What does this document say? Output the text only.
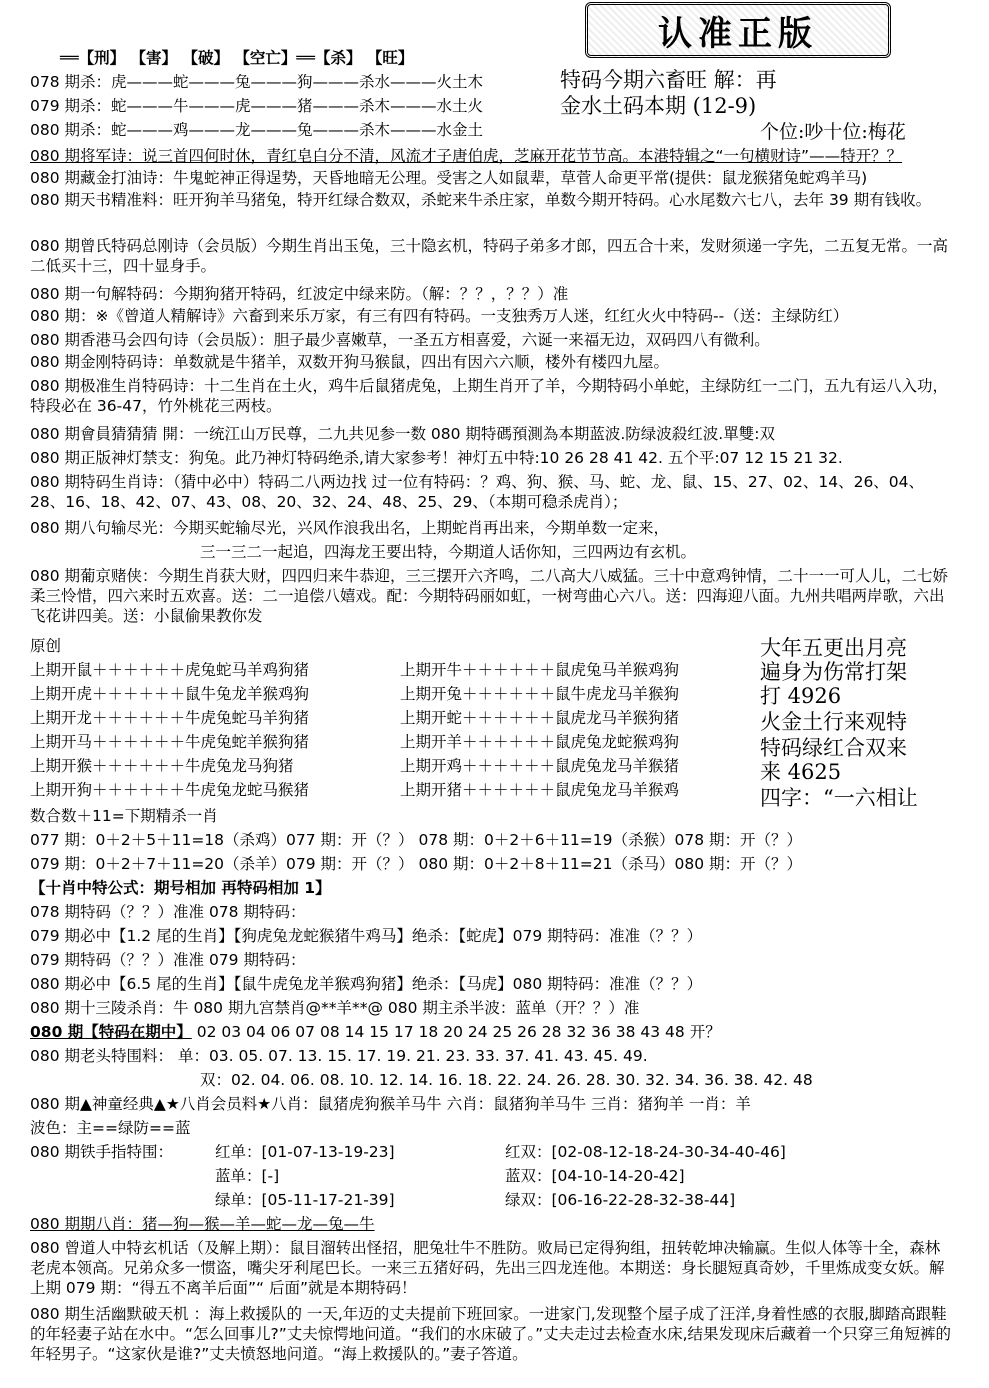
认准正版
══【刑】 【害】 【破】 【空亡】══【杀】 【旺】
078 期杀：虎———蛇———兔———狗———杀水———火土木
079 期杀：蛇———牛———虎———猪———杀木———水土火
080 期杀：蛇———鸡———龙———兔———杀木———水金土
特码今期六畜旺 解：再
金水土码本期 (12-9)
个位:吵十位:梅花
080 期将军诗：说三首四何时休，青红皂白分不清，风流才子唐伯虎，芝麻开花节节高。本港特辑之“一句横财诗”——特开？？
080 期藏金打油诗：牛鬼蛇神正得逞势，天昏地暗无公理。受害之人如鼠辈，草菅人命更平常(提供：鼠龙猴猪兔蛇鸡羊马)
080 期天书精准料：旺开狗羊马猪兔，特开红绿合数双，杀蛇来牛杀庄家，单数今期开特码。心水尾数六七八，去年 39 期有钱收。
080 期曾氏特码总刚诗（会员版）今期生肖出玉兔，三十隐玄机，特码子弟多才郎，四五合十来，发财须递一字先，二五复无常。一高二低买十三，四十显身手。
080 期一句解特码：今期狗猪开特码，红波定中绿来防。（解：？？，？？）准
080 期：※《曾道人精解诗》六畜到来乐万家，有三有四有特码。一支独秀万人迷，红红火火中特码--（送：主绿防红）
080 期香港马会四句诗（会员版）：胆子最少喜嫩草，一圣五方相喜爱，六诞一来福无边，双码四八有微利。
080 期金刚特码诗：单数就是牛猪羊，双数开狗马猴鼠，四出有因六六顺，楼外有楼四九屋。
080 期极准生肖特码诗：十二生肖在土火，鸡牛后鼠猪虎兔，上期生肖开了羊，今期特码小单蛇，主绿防红一二门，五九有运八入功，特段必在 36-47，竹外桃花三两枝。
080 期會員猜猜猜 開：一统江山万民尊，二九共见参一数 080 期特碼預測為本期蓝波.防绿波殺红波.單雙:双
080 期正版神灯禁支：狗兔。此乃神灯特码绝杀,请大家参考！神灯五中特:10 26 28 41 42. 五个平:07 12 15 21 32.
080 期特码生肖诗：（猜中必中）特码二八两边找 过一位有特码：？鸡、狗、猴、马、蛇、龙、鼠、15、27、02、14、26、04、28、16、18、42、07、43、08、20、32、24、48、25、29、（本期可稳杀虎肖）；
080 期八句输尽光：今期买蛇输尽光，兴风作浪我出名，上期蛇肖再出来，今期单数一定来，
三一三二一起追，四海龙王要出特，今期道人话你知，三四两边有玄机。
080 期葡京赌侠：今期生肖获大财，四四归来牛恭迎，三三摆开六齐鸣，二八高大八威猛。三十中意鸡钟情，二十一一可人儿，二七娇柔三怜惜，四六来时五欢喜。送：二一追偿八嬉戏。配：今期特码丽如虹，一树弯曲心六八。送：四海迎八面。九州共唱两岸歌，六出飞花讲四美。送：小鼠偷果教你发
原创
上期开鼠＋＋＋＋＋＋虎兔蛇马羊鸡狗猪
上期开虎＋＋＋＋＋＋鼠牛兔龙羊猴鸡狗
上期开龙＋＋＋＋＋＋牛虎兔蛇马羊狗猪
上期开马＋＋＋＋＋＋牛虎兔蛇羊猴狗猪
上期开猴＋＋＋＋＋＋牛虎兔龙马狗猪
上期开狗＋＋＋＋＋＋牛虎兔龙蛇马猴猪
上期开牛＋＋＋＋＋＋鼠虎兔马羊猴鸡狗
上期开兔＋＋＋＋＋＋鼠牛虎龙马羊猴狗
上期开蛇＋＋＋＋＋＋鼠虎龙马羊猴狗猪
上期开羊＋＋＋＋＋＋鼠虎兔龙蛇猴鸡狗
上期开鸡＋＋＋＋＋＋鼠虎兔龙马羊猴猪
上期开猪＋＋＋＋＋＋鼠虎兔龙马羊猴鸡
大年五更出月亮
遍身为伤常打架
打 4926
火金土行来观特
特码绿红合双来
来 4625
四字：“一六相让
数合数＋11=下期精杀一肖
077 期：0＋2＋5＋11=18（杀鸡）077 期：开（？） 078 期：0＋2＋6＋11=19（杀猴）078 期：开（？）
079 期：0＋2＋7＋11=20（杀羊）079 期：开（？） 080 期：0＋2＋8＋11=21（杀马）080 期：开（？）
【十肖中特公式：期号相加 再特码相加 1】
078 期特码（？？）准准 078 期特码：
079 期必中【1.2 尾的生肖】【狗虎兔龙蛇猴猪牛鸡马】绝杀：【蛇虎】079 期特码：准准（？？）
079 期特码（？？）准准 079 期特码：
080 期必中【6.5 尾的生肖】【鼠牛虎兔龙羊猴鸡狗猪】绝杀：【马虎】080 期特码：准准（？？）
080 期十三陵杀肖：牛 080 期九宫禁肖@**羊**@ 080 期主杀半波：蓝单（开？？）准
080 期【特码在期中】 02 03 04 06 07 08 14 15 17 18 20 24 25 26 28 32 36 38 43 48 开？
080 期老头特围料： 单：03. 05. 07. 13. 15. 17. 19. 21. 23. 33. 37. 41. 43. 45. 49.
双：02. 04. 06. 08. 10. 12. 14. 16. 18. 22. 24. 26. 28. 30. 32. 34. 36. 38. 42. 48
080 期▲神童经典▲★八肖会员料★八肖：鼠猪虎狗猴羊马牛 六肖：鼠猪狗羊马牛 三肖：猪狗羊 一肖：羊
波色：主==绿防==蓝
080 期铁手指特围：	红单：[01-07-13-19-23]	红双：[02-08-12-18-24-30-34-40-46]
蓝单：[-]	蓝双：[04-10-14-20-42]
绿单：[05-11-17-21-39]	绿双：[06-16-22-28-32-38-44]
080 期期八肖：猪—狗—猴—羊—蛇—龙—兔—牛
080 曾道人中特玄机话（及解上期）：鼠目溜转出怪招，肥兔壮牛不胜防。败局已定得狗组，扭转乾坤决输赢。生似人体等十全，森林老虎本领高。兄弟众多一惯盗，嘴尖牙利尾巴长。一来三五猪好码，先出三四龙连他。本期送：身长腿短真奇妙，千里炼成变女妖。解上期 079 期：“得五不离羊后面”“ 后面”就是本期特码！
080 期生活幽默破天机 ：海上救援队的 一天,年迈的丈夫提前下班回家。一进家门,发现整个屋子成了汪洋,身着性感的衣服,脚踏高跟鞋的年轻妻子站在水中。“怎么回事儿?”丈夫惊愕地问道。“我们的水床破了。”丈夫走过去检查水床,结果发现床后藏着一个只穿三角短裤的年轻男子。“这家伙是谁?”丈夫愤怒地问道。“海上救援队的。”妻子答道。
